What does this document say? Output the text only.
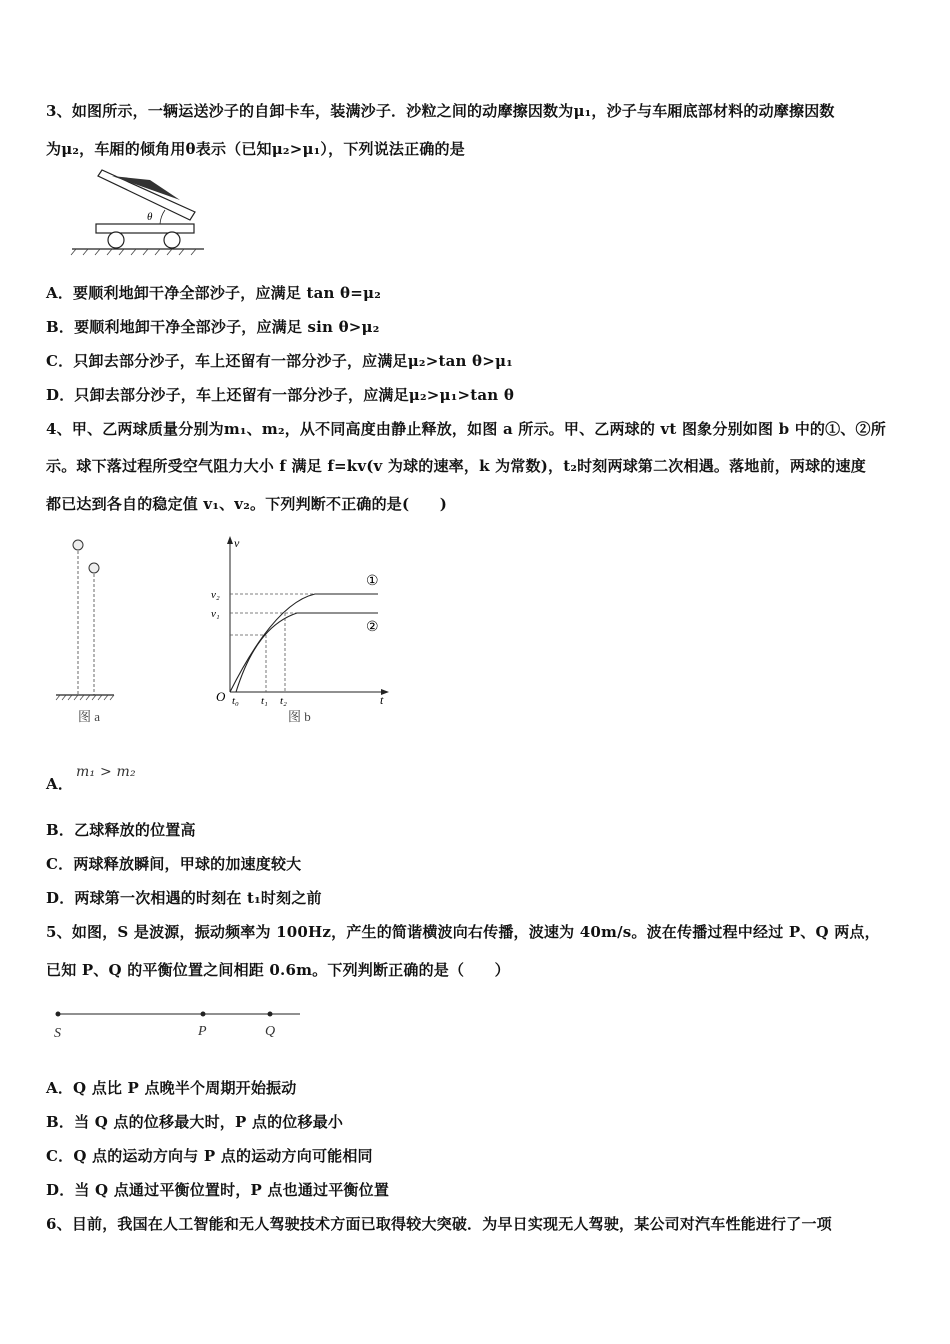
3、如图所示，一辆运送沙子的自卸卡车，装满沙子．沙粒之间的动摩擦因数为μ₁，沙子与车厢底部材料的动摩擦因数
为μ₂，车厢的倾角用θ表示（已知μ₂>μ₁），下列说法正确的是
θ
A．要顺利地卸干净全部沙子，应满足 tan θ=μ₂
B．要顺利地卸干净全部沙子，应满足 sin θ>μ₂
C．只卸去部分沙子，车上还留有一部分沙子，应满足μ₂>tan θ>μ₁
D．只卸去部分沙子，车上还留有一部分沙子，应满足μ₂>μ₁>tan θ
4、甲、乙两球质量分别为m₁、m₂，从不同高度由静止释放，如图 a 所示。甲、乙两球的 vt 图象分别如图 b 中的①、②所
示。球下落过程所受空气阻力大小 f 满足 f=kv(v 为球的速率，k 为常数)，t₂时刻两球第二次相遇。落地前，两球的速度
都已达到各自的稳定值 v₁、v₂。下列判断不正确的是(　　)
图 a
v
t
O
v₂
v₁
t₀ t₁ t₂
①
②
图 b
A．
m₁ > m₂
B．乙球释放的位置高
C．两球释放瞬间，甲球的加速度较大
D．两球第一次相遇的时刻在 t₁时刻之前
5、如图，S 是波源，振动频率为 100Hz，产生的简谐横波向右传播，波速为 40m/s。波在传播过程中经过 P、Q 两点，
已知 P、Q 的平衡位置之间相距 0.6m。下列判断正确的是（　　）
S	P	Q
A．Q 点比 P 点晚半个周期开始振动
B．当 Q 点的位移最大时，P 点的位移最小
C．Q 点的运动方向与 P 点的运动方向可能相同
D．当 Q 点通过平衡位置时，P 点也通过平衡位置
6、目前，我国在人工智能和无人驾驶技术方面已取得较大突破．为早日实现无人驾驶，某公司对汽车性能进行了一项
